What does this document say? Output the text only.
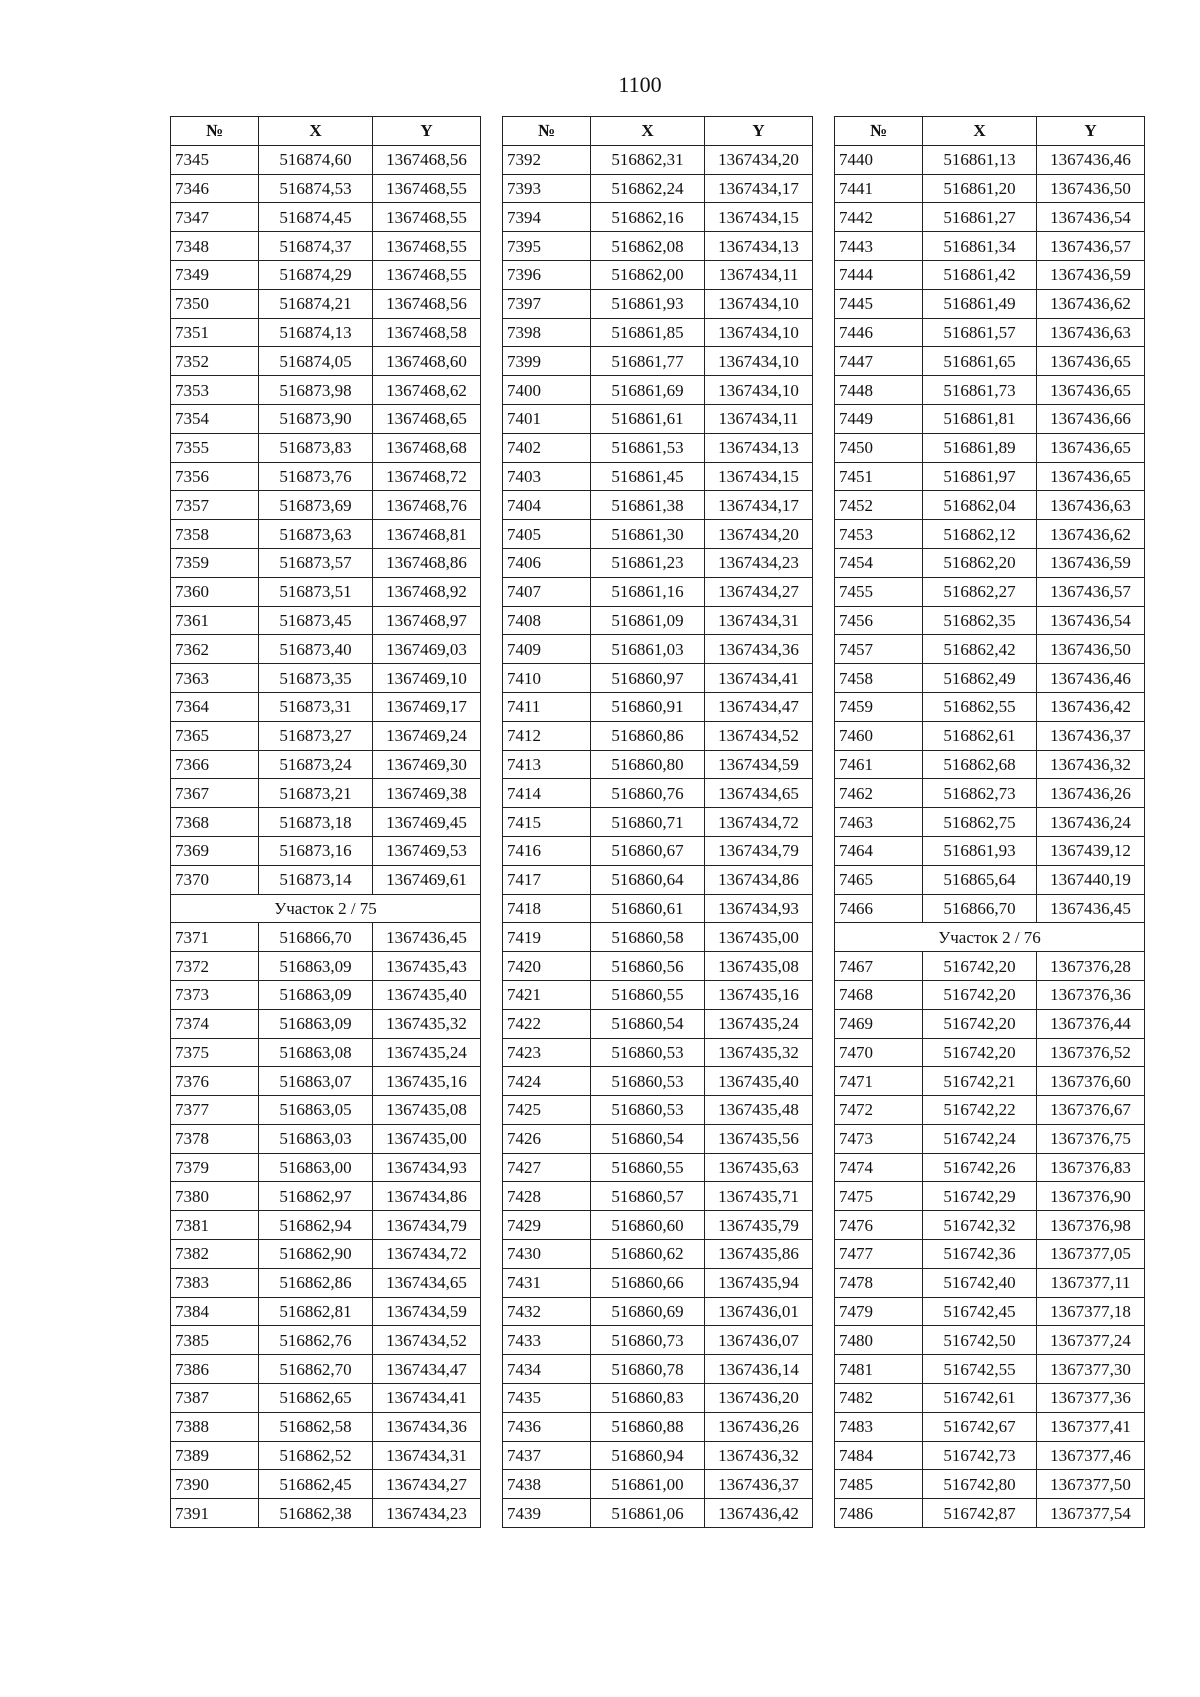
1100
№	X	Y
7345	516874,60	1367468,56
7346	516874,53	1367468,55
7347	516874,45	1367468,55
7348	516874,37	1367468,55
7349	516874,29	1367468,55
7350	516874,21	1367468,56
7351	516874,13	1367468,58
7352	516874,05	1367468,60
7353	516873,98	1367468,62
7354	516873,90	1367468,65
7355	516873,83	1367468,68
7356	516873,76	1367468,72
7357	516873,69	1367468,76
7358	516873,63	1367468,81
7359	516873,57	1367468,86
7360	516873,51	1367468,92
7361	516873,45	1367468,97
7362	516873,40	1367469,03
7363	516873,35	1367469,10
7364	516873,31	1367469,17
7365	516873,27	1367469,24
7366	516873,24	1367469,30
7367	516873,21	1367469,38
7368	516873,18	1367469,45
7369	516873,16	1367469,53
7370	516873,14	1367469,61
Участок 2 / 75		
7371	516866,70	1367436,45
7372	516863,09	1367435,43
7373	516863,09	1367435,40
7374	516863,09	1367435,32
7375	516863,08	1367435,24
7376	516863,07	1367435,16
7377	516863,05	1367435,08
7378	516863,03	1367435,00
7379	516863,00	1367434,93
7380	516862,97	1367434,86
7381	516862,94	1367434,79
7382	516862,90	1367434,72
7383	516862,86	1367434,65
7384	516862,81	1367434,59
7385	516862,76	1367434,52
7386	516862,70	1367434,47
7387	516862,65	1367434,41
7388	516862,58	1367434,36
7389	516862,52	1367434,31
7390	516862,45	1367434,27
7391	516862,38	1367434,23
№	X	Y
7392	516862,31	1367434,20
7393	516862,24	1367434,17
7394	516862,16	1367434,15
7395	516862,08	1367434,13
7396	516862,00	1367434,11
7397	516861,93	1367434,10
7398	516861,85	1367434,10
7399	516861,77	1367434,10
7400	516861,69	1367434,10
7401	516861,61	1367434,11
7402	516861,53	1367434,13
7403	516861,45	1367434,15
7404	516861,38	1367434,17
7405	516861,30	1367434,20
7406	516861,23	1367434,23
7407	516861,16	1367434,27
7408	516861,09	1367434,31
7409	516861,03	1367434,36
7410	516860,97	1367434,41
7411	516860,91	1367434,47
7412	516860,86	1367434,52
7413	516860,80	1367434,59
7414	516860,76	1367434,65
7415	516860,71	1367434,72
7416	516860,67	1367434,79
7417	516860,64	1367434,86
7418	516860,61	1367434,93
7419	516860,58	1367435,00
7420	516860,56	1367435,08
7421	516860,55	1367435,16
7422	516860,54	1367435,24
7423	516860,53	1367435,32
7424	516860,53	1367435,40
7425	516860,53	1367435,48
7426	516860,54	1367435,56
7427	516860,55	1367435,63
7428	516860,57	1367435,71
7429	516860,60	1367435,79
7430	516860,62	1367435,86
7431	516860,66	1367435,94
7432	516860,69	1367436,01
7433	516860,73	1367436,07
7434	516860,78	1367436,14
7435	516860,83	1367436,20
7436	516860,88	1367436,26
7437	516860,94	1367436,32
7438	516861,00	1367436,37
7439	516861,06	1367436,42
№	X	Y
7440	516861,13	1367436,46
7441	516861,20	1367436,50
7442	516861,27	1367436,54
7443	516861,34	1367436,57
7444	516861,42	1367436,59
7445	516861,49	1367436,62
7446	516861,57	1367436,63
7447	516861,65	1367436,65
7448	516861,73	1367436,65
7449	516861,81	1367436,66
7450	516861,89	1367436,65
7451	516861,97	1367436,65
7452	516862,04	1367436,63
7453	516862,12	1367436,62
7454	516862,20	1367436,59
7455	516862,27	1367436,57
7456	516862,35	1367436,54
7457	516862,42	1367436,50
7458	516862,49	1367436,46
7459	516862,55	1367436,42
7460	516862,61	1367436,37
7461	516862,68	1367436,32
7462	516862,73	1367436,26
7463	516862,75	1367436,24
7464	516861,93	1367439,12
7465	516865,64	1367440,19
7466	516866,70	1367436,45
Участок 2 / 76		
7467	516742,20	1367376,28
7468	516742,20	1367376,36
7469	516742,20	1367376,44
7470	516742,20	1367376,52
7471	516742,21	1367376,60
7472	516742,22	1367376,67
7473	516742,24	1367376,75
7474	516742,26	1367376,83
7475	516742,29	1367376,90
7476	516742,32	1367376,98
7477	516742,36	1367377,05
7478	516742,40	1367377,11
7479	516742,45	1367377,18
7480	516742,50	1367377,24
7481	516742,55	1367377,30
7482	516742,61	1367377,36
7483	516742,67	1367377,41
7484	516742,73	1367377,46
7485	516742,80	1367377,50
7486	516742,87	1367377,54
